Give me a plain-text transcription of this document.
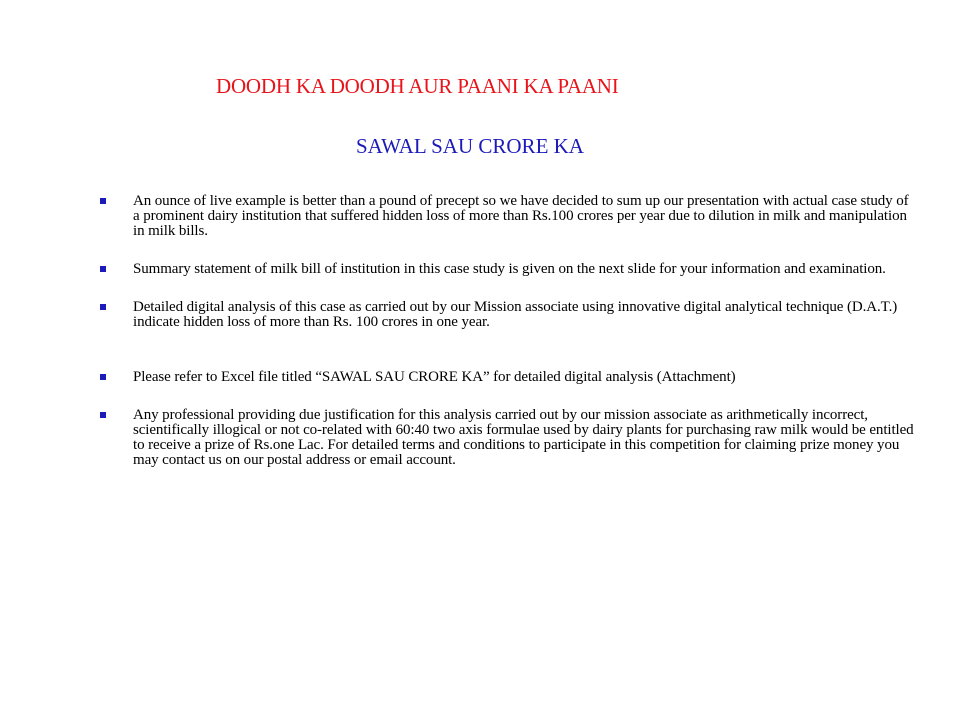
DOODH KA DOODH AUR PAANI KA PAANI
SAWAL SAU CRORE KA
An ounce of live example is better than a pound of precept so we have decided to sum up our presentation with actual case study of a prominent dairy institution that suffered hidden loss of more than Rs.100 crores per year due to dilution in milk and manipulation in milk bills.
Summary statement of milk bill of institution in this case study is given on the next slide for your information and examination.
Detailed digital analysis of this case as carried out by our Mission associate using innovative digital analytical technique (D.A.T.) indicate hidden loss of more than Rs. 100 crores in one year.
Please refer to Excel file titled “SAWAL SAU CRORE KA” for detailed digital analysis (Attachment)
Any professional providing due justification for this analysis carried out by our mission associate as arithmetically incorrect, scientifically illogical or not co-related with 60:40 two axis formulae used by dairy plants for purchasing raw milk would be entitled to receive a prize of Rs.one Lac. For detailed terms and conditions to participate in this competition for claiming prize money you may contact us on our postal address or email account.
